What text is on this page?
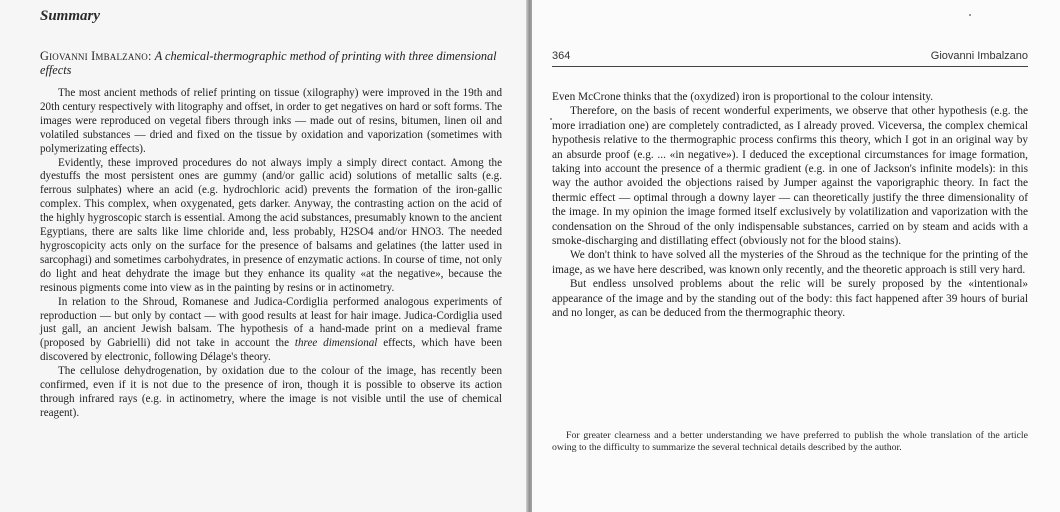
Summary

Giovanni Imbalzano: A chemical-thermographic method of printing with three dimensional effects

The most ancient methods of relief printing on tissue (xilography) were improved in the 19th and 20th century respectively with litography and offset, in order to get negatives on hard or soft forms. The images were reproduced on vegetal fibers through inks — made out of resins, bitumen, linen oil and volatiled substances — dried and fixed on the tissue by oxidation and vaporization (sometimes with polymerizating effects).

Evidently, these improved procedures do not always imply a simply direct contact. Among the dyestuffs the most persistent ones are gummy (and/or gallic acid) solutions of metallic salts (e.g. ferrous sulphates) where an acid (e.g. hydrochloric acid) prevents the formation of the iron-gallic complex. This complex, when oxygenated, gets darker. Anyway, the contrasting action on the acid of the highly hygroscopic starch is essential. Among the acid substances, presumably known to the ancient Egyptians, there are salts like lime chloride and, less probably, H2SO4 and/or HNO3. The needed hygroscopicity acts only on the surface for the presence of balsams and gelatines (the latter used in sarcophagi) and sometimes carbohydrates, in presence of enzymatic actions. In course of time, not only do light and heat dehydrate the image but they enhance its quality «at the negative», because the resinous pigments come into view as in the painting by resins or in actinometry.

In relation to the Shroud, Romanese and Judica-Cordiglia performed analogous experiments of reproduction — but only by contact — with good results at least for hair image. Judica-Cordiglia used just gall, an ancient Jewish balsam. The hypothesis of a hand-made print on a medieval frame (proposed by Gabrielli) did not take in account the three dimensional effects, which have been discovered by electronic, following Délage's theory.

The cellulose dehydrogenation, by oxidation due to the colour of the image, has recently been confirmed, even if it is not due to the presence of iron, though it is possible to observe its action through infrared rays (e.g. in actinometry, where the image is not visible until the use of chemical reagent).

364	Giovanni Imbalzano

Even McCrone thinks that the (oxydized) iron is proportional to the colour intensity.

Therefore, on the basis of recent wonderful experiments, we observe that other hypothesis (e.g. the more irradiation one) are completely contradicted, as I already proved. Viceversa, the complex chemical hypothesis relative to the thermographic process confirms this theory, which I got in an original way by an absurde proof (e.g. ... «in negative»). I deduced the exceptional circumstances for image formation, taking into account the presence of a thermic gradient (e.g. in one of Jackson's infinite models): in this way the author avoided the objections raised by Jumper against the vaporigraphic theory. In fact the thermic effect — optimal through a downy layer — can theoretically justify the three dimensionality of the image. In my opinion the image formed itself exclusively by volatilization and vaporization with the condensation on the Shroud of the only indispensable substances, carried on by steam and acids with a smoke-discharging and distillating effect (obviously not for the blood stains).

We don't think to have solved all the mysteries of the Shroud as the technique for the printing of the image, as we have here described, was known only recently, and the theoretic approach is still very hard.

But endless unsolved problems about the relic will be surely proposed by the «intentional» appearance of the image and by the standing out of the body: this fact happened after 39 hours of burial and no longer, as can be deduced from the thermographic theory.

For greater clearness and a better understanding we have preferred to publish the whole translation of the article owing to the difficulty to summarize the several technical details described by the author.
